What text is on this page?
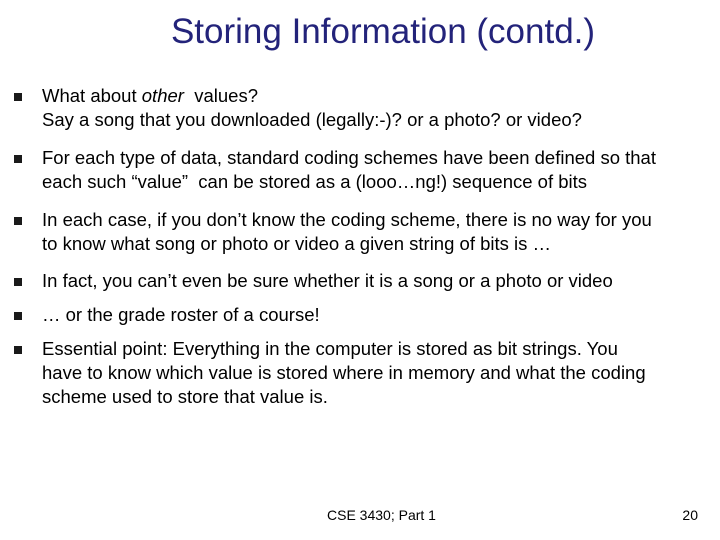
Storing Information (contd.)
What about other  values?
Say a song that you downloaded (legally:-)? or a photo? or video?
For each type of data, standard coding schemes have been defined so that
each such “value”  can be stored as a (looo…ng!) sequence of bits
In each case, if you don’t know the coding scheme, there is no way for you
to know what song or photo or video a given string of bits is …
In fact, you can’t even be sure whether it is a song or a photo or video
… or the grade roster of a course!
Essential point: Everything in the computer is stored as bit strings. You
have to know which value is stored where in memory and what the coding
scheme used to store that value is.
CSE 3430; Part 1	20
